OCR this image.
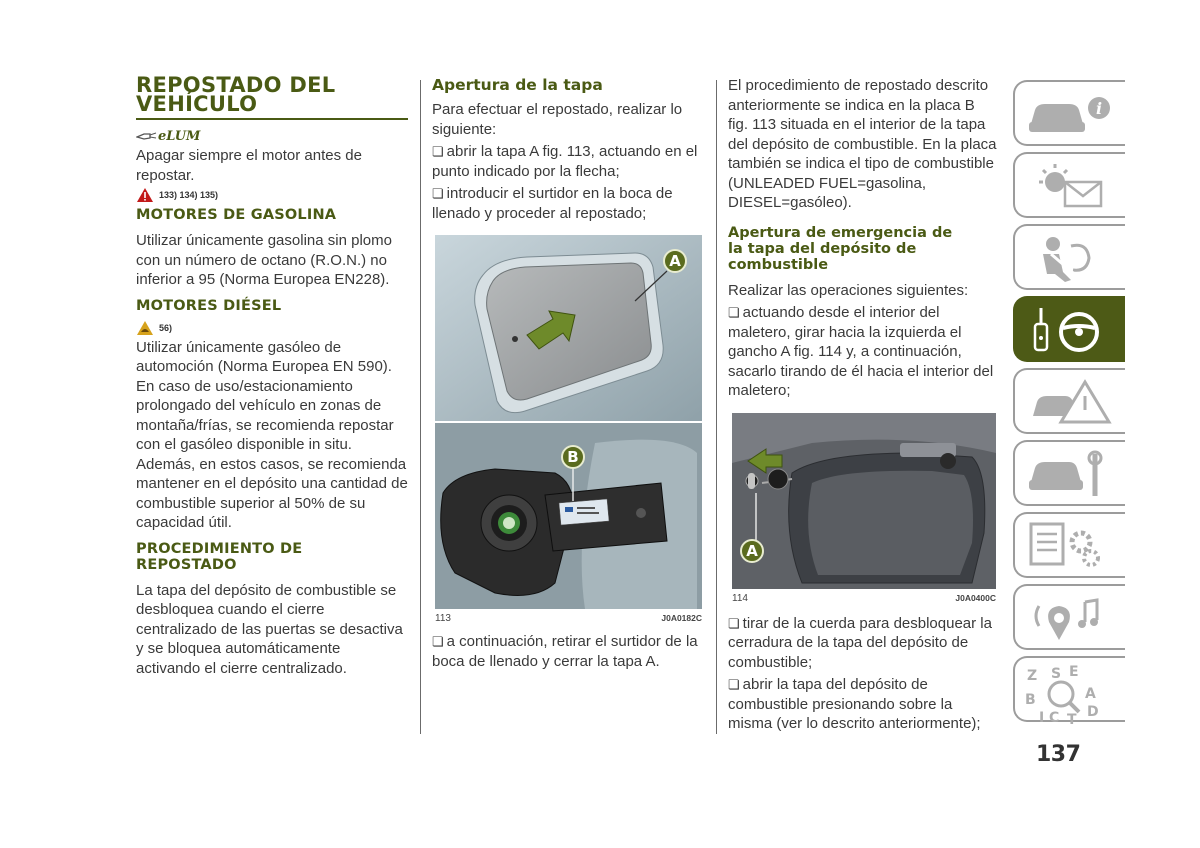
REPOSTADO DEL
VEHÍCULO
eLUM

Apagar siempre el motor antes de repostar.

133) 134) 135)
MOTORES DE GASOLINA

Utilizar únicamente gasolina sin plomo con un número de octano (R.O.N.) no inferior a 95 (Norma Europea EN228).

MOTORES DIÉSEL
56)

Utilizar únicamente gasóleo de automoción (Norma Europea EN 590). En caso de uso/estacionamiento prolongado del vehículo en zonas de montaña/frías, se recomienda repostar con el gasóleo disponible in situ. Además, en estos casos, se recomienda mantener en el depósito una cantidad de combustible superior al 50% de su capacidad útil.

PROCEDIMIENTO DE
REPOSTADO

La tapa del depósito de combustible se desbloquea cuando el cierre centralizado de las puertas se desactiva y se bloquea automáticamente activando el cierre centralizado.

Apertura de la tapa

Para efectuar el repostado, realizar lo siguiente:

❏ abrir la tapa A fig. 113, actuando en el punto indicado por la flecha;

❏ introducir el surtidor en la boca de llenado y proceder al repostado;

A
B
113	J0A0182C

❏ a continuación, retirar el surtidor de la boca de llenado y cerrar la tapa A.

El procedimiento de repostado descrito anteriormente se indica en la placa B fig. 113 situada en el interior de la tapa del depósito de combustible. En la placa también se indica el tipo de combustible (UNLEADED FUEL=gasolina, DIESEL=gasóleo).

Apertura de emergencia de
la tapa del depósito de
combustible

Realizar las operaciones siguientes:

❏ actuando desde el interior del maletero, girar hacia la izquierda el gancho A fig. 114 y, a continuación, sacarlo tirando de él hacia el interior del maletero;

A
114	J0A0400C

❏ tirar de la cuerda para desbloquear la cerradura de la tapa del depósito de combustible;

❏ abrir la tapa del depósito de combustible presionando sobre la misma (ver lo descrito anteriormente);

i
Z S E
B	A
D
I C T
137
